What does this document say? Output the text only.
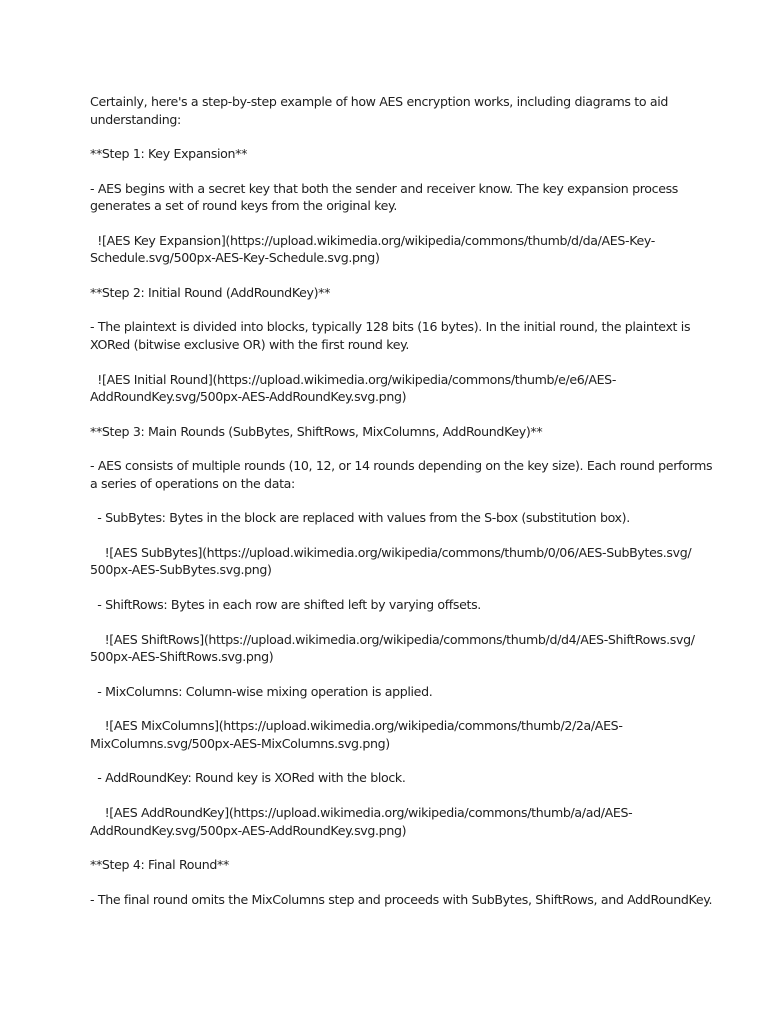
Certainly, here's a step-by-step example of how AES encryption works, including diagrams to aid
understanding:
**Step 1: Key Expansion**
- AES begins with a secret key that both the sender and receiver know. The key expansion process
generates a set of round keys from the original key.
![AES Key Expansion](https://upload.wikimedia.org/wikipedia/commons/thumb/d/da/AES-Key-
Schedule.svg/500px-AES-Key-Schedule.svg.png)
**Step 2: Initial Round (AddRoundKey)**
- The plaintext is divided into blocks, typically 128 bits (16 bytes). In the initial round, the plaintext is
XORed (bitwise exclusive OR) with the first round key.
![AES Initial Round](https://upload.wikimedia.org/wikipedia/commons/thumb/e/e6/AES-
AddRoundKey.svg/500px-AES-AddRoundKey.svg.png)
**Step 3: Main Rounds (SubBytes, ShiftRows, MixColumns, AddRoundKey)**
- AES consists of multiple rounds (10, 12, or 14 rounds depending on the key size). Each round performs
a series of operations on the data:
- SubBytes: Bytes in the block are replaced with values from the S-box (substitution box).
![AES SubBytes](https://upload.wikimedia.org/wikipedia/commons/thumb/0/06/AES-SubBytes.svg/
500px-AES-SubBytes.svg.png)
- ShiftRows: Bytes in each row are shifted left by varying offsets.
![AES ShiftRows](https://upload.wikimedia.org/wikipedia/commons/thumb/d/d4/AES-ShiftRows.svg/
500px-AES-ShiftRows.svg.png)
- MixColumns: Column-wise mixing operation is applied.
![AES MixColumns](https://upload.wikimedia.org/wikipedia/commons/thumb/2/2a/AES-
MixColumns.svg/500px-AES-MixColumns.svg.png)
- AddRoundKey: Round key is XORed with the block.
![AES AddRoundKey](https://upload.wikimedia.org/wikipedia/commons/thumb/a/ad/AES-
AddRoundKey.svg/500px-AES-AddRoundKey.svg.png)
**Step 4: Final Round**
- The final round omits the MixColumns step and proceeds with SubBytes, ShiftRows, and AddRoundKey.
